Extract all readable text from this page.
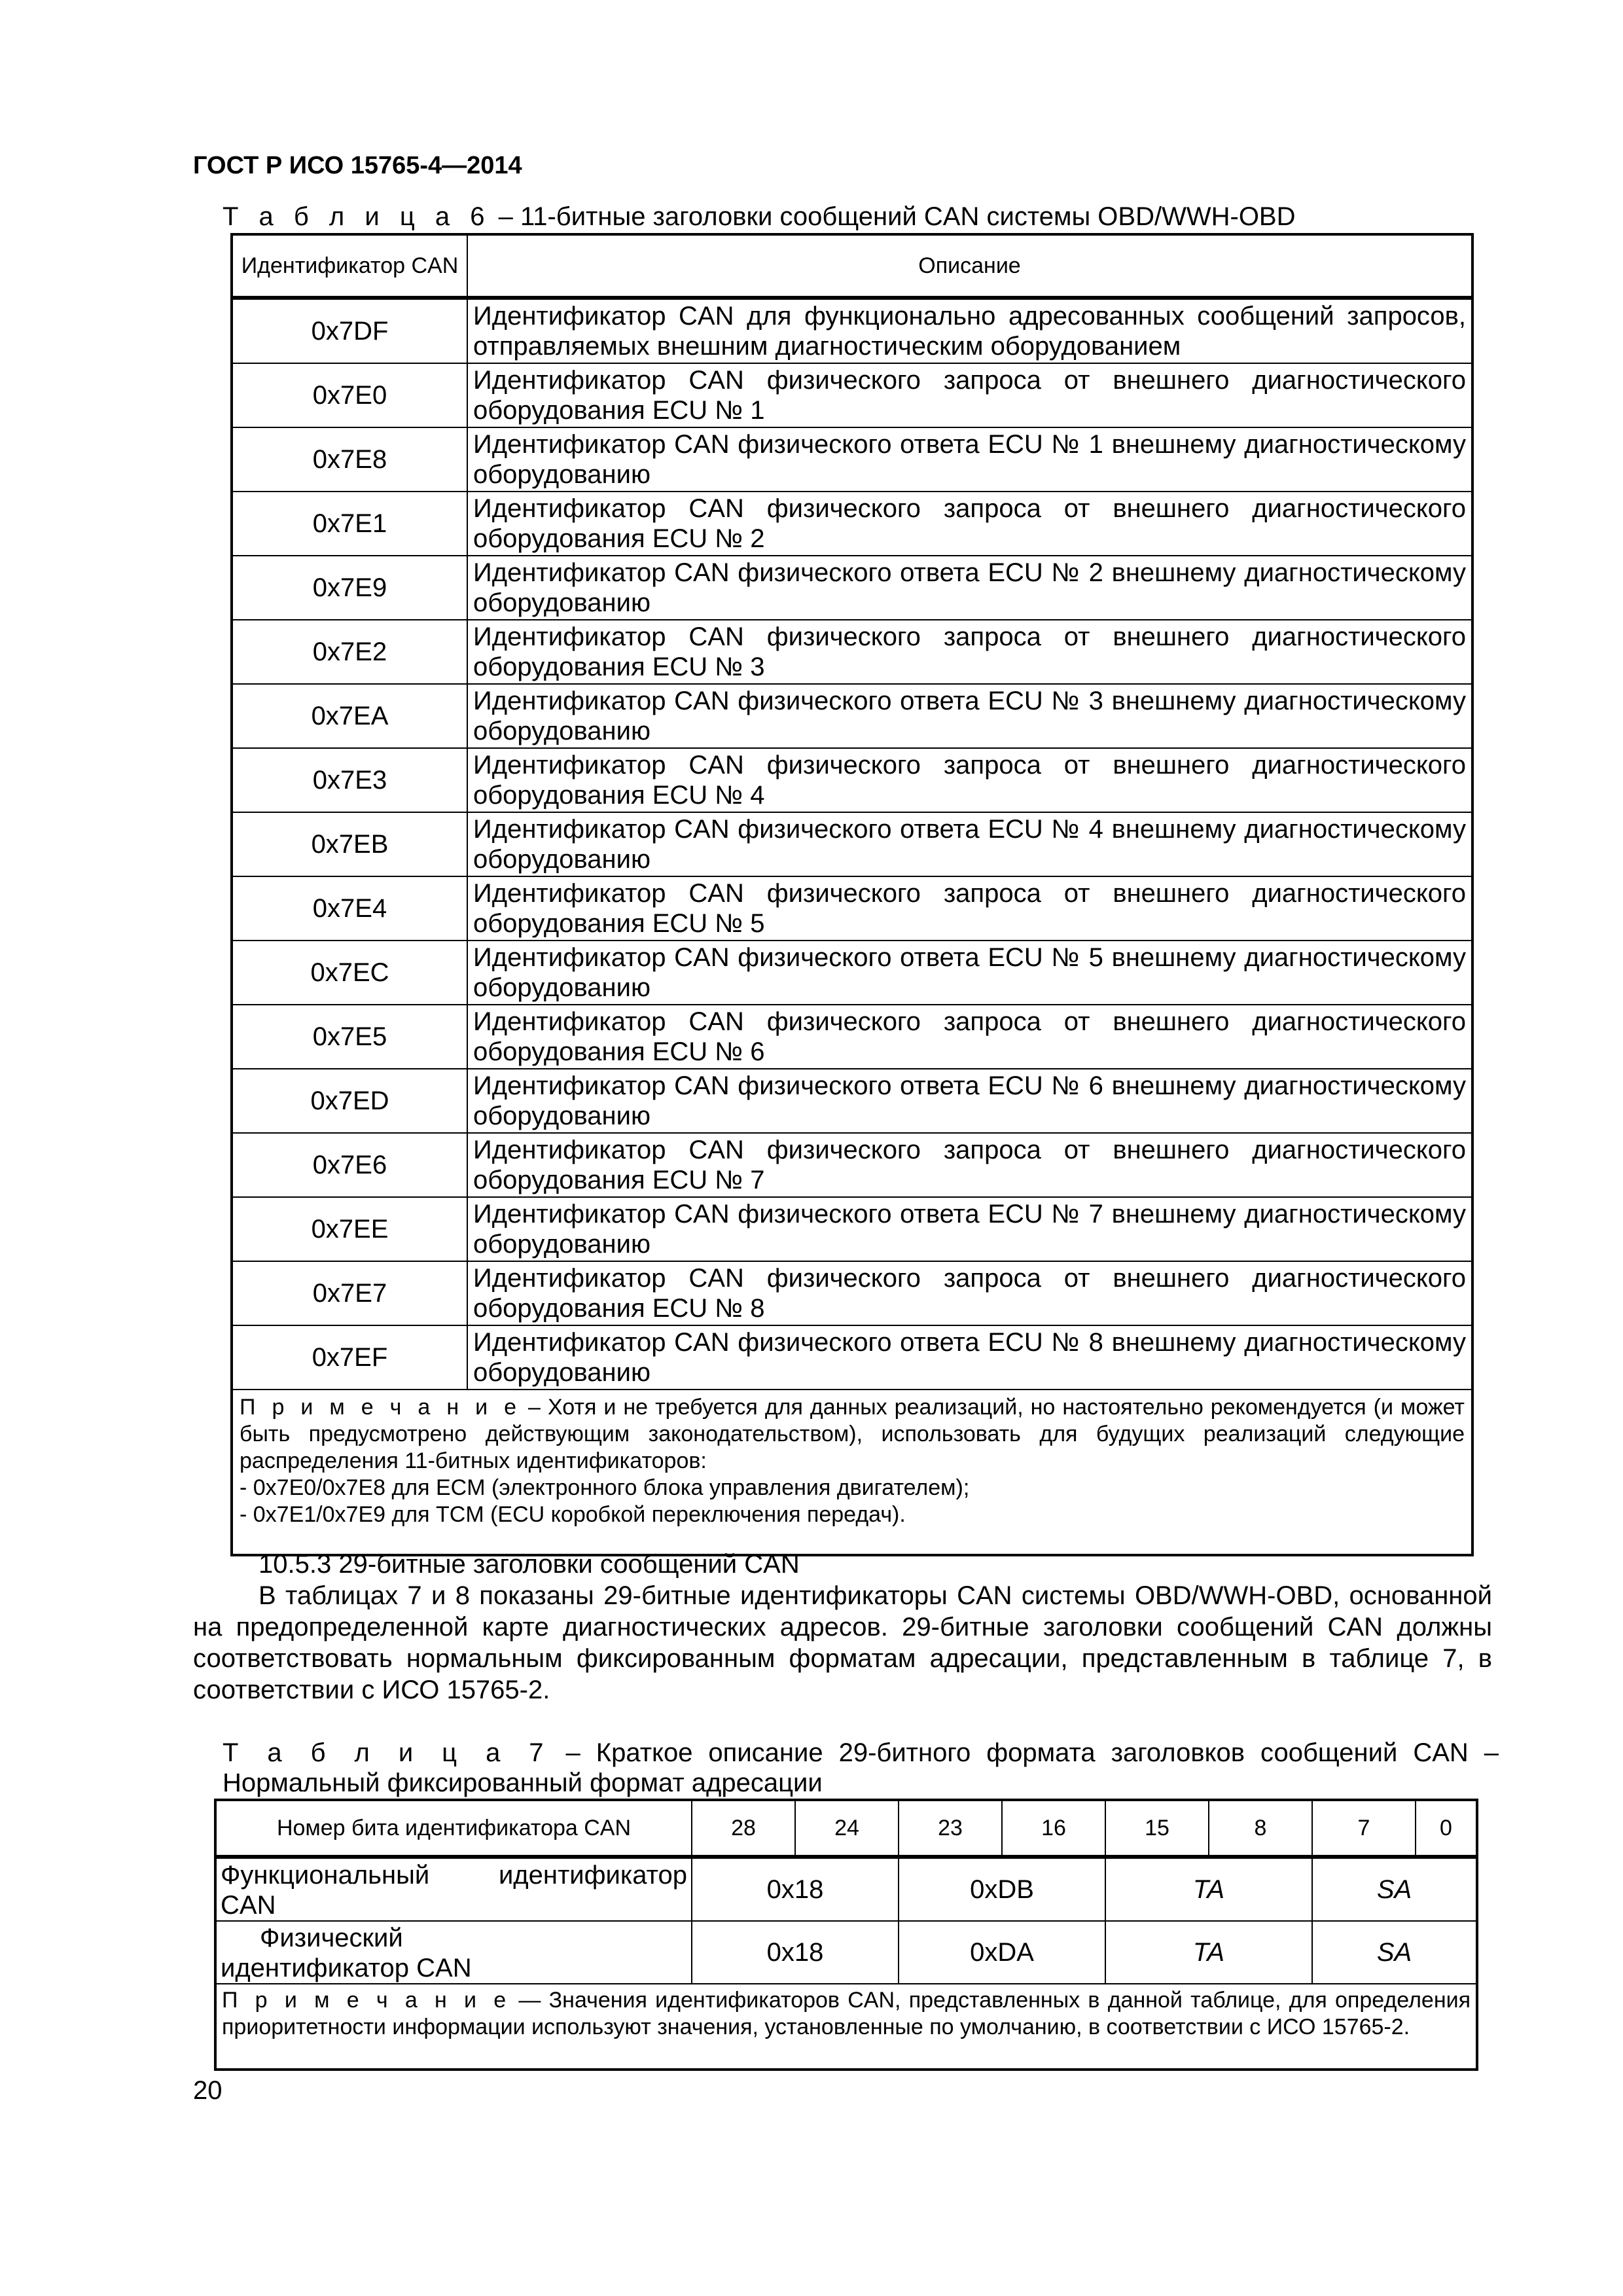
ГОСТ Р ИСО 15765-4—2014
Т а б л и ц а 6 – 11-битные заголовки сообщений CAN системы OBD/WWH-OBD
Идентификатор CAN	Описание
0x7DF	Идентификатор CAN для функционально адресованных сообщений запросов, отправляемых внешним диагностическим оборудованием
0x7E0	Идентификатор CAN физического запроса от внешнего диагностического оборудования ECU № 1
0x7E8	Идентификатор CAN физического ответа ECU № 1 внешнему диагностическому оборудованию
0x7E1	Идентификатор CAN физического запроса от внешнего диагностического оборудования ECU № 2
0x7E9	Идентификатор CAN физического ответа ECU № 2 внешнему диагностическому оборудованию
0x7E2	Идентификатор CAN физического запроса от внешнего диагностического оборудования ECU № 3
0x7EA	Идентификатор CAN физического ответа ECU № 3 внешнему диагностическому оборудованию
0x7E3	Идентификатор CAN физического запроса от внешнего диагностического оборудования ECU № 4
0x7EB	Идентификатор CAN физического ответа ECU № 4 внешнему диагностическому оборудованию
0x7E4	Идентификатор CAN физического запроса от внешнего диагностического оборудования ECU № 5
0x7EC	Идентификатор CAN физического ответа ECU № 5 внешнему диагностическому оборудованию
0x7E5	Идентификатор CAN физического запроса от внешнего диагностического оборудования ECU № 6
0x7ED	Идентификатор CAN физического ответа ECU № 6 внешнему диагностическому оборудованию
0x7E6	Идентификатор CAN физического запроса от внешнего диагностического оборудования ECU № 7
0x7EE	Идентификатор CAN физического ответа ECU № 7 внешнему диагностическому оборудованию
0x7E7	Идентификатор CAN физического запроса от внешнего диагностического оборудования ECU № 8
0x7EF	Идентификатор CAN физического ответа ECU № 8 внешнему диагностическому оборудованию
П р и м е ч а н и е – Хотя и не требуется для данных реализаций, но настоятельно рекомендуется (и может быть предусмотрено действующим законодательством), использовать для будущих реализаций следующие распределения 11-битных идентификаторов:
- 0x7E0/0x7E8 для ECM (электронного блока управления двигателем);
- 0x7E1/0x7E9 для TCM (ECU коробкой переключения передач).	
10.5.3 29-битные заголовки сообщений CAN
В таблицах 7 и 8 показаны 29-битные идентификаторы CAN системы OBD/WWH-OBD, основанной на предопределенной карте диагностических адресов. 29-битные заголовки сообщений CAN должны соответствовать нормальным фиксированным форматам адресации, представленным в таблице 7, в соответствии с ИСО 15765-2.
Т а б л и ц а 7 – Краткое описание 29-битного формата заголовков сообщений CAN – Нормальный фиксированный формат адресации
Номер бита идентификатора CAN	28	24	23	16	15	8	7	0

Функциональный идентификатор
CAN	0x18		0xDB		TA		SA	

Физический
идентификатор CAN	0x18		0xDA		TA		SA	
П р и м е ч а н и е — Значения идентификаторов CAN, представленных в данной таблице, для определения приоритетности информации используют значения, установленные по умолчанию, в соответствии с ИСО 15765-2.								
20
